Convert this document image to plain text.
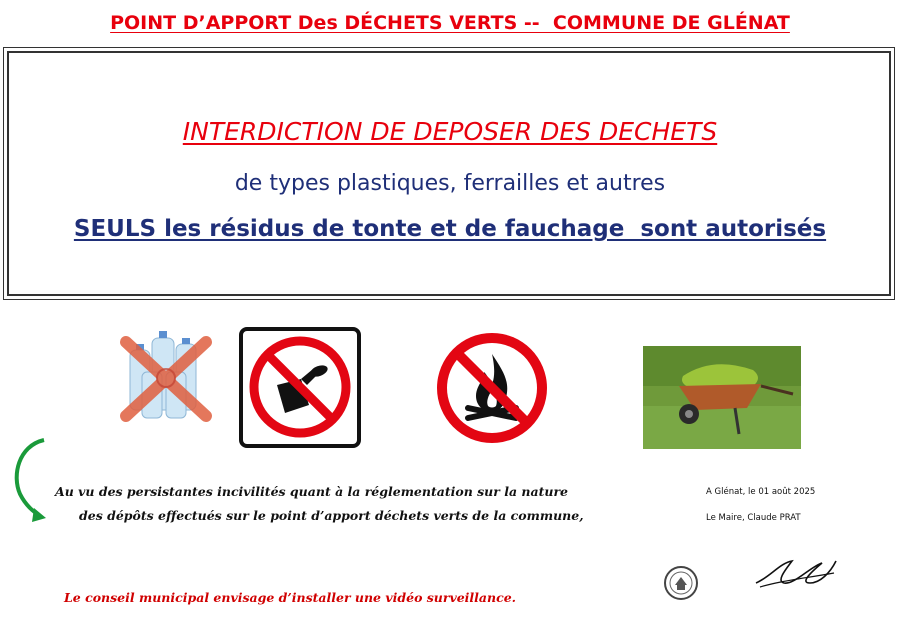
POINT D’APPORT Des DÉCHETS VERTS --  COMMUNE DE GLÉNAT
INTERDICTION DE DEPOSER DES DECHETS
de types plastiques, ferrailles et autres
SEULS les résidus de tonte et de fauchage  sont autorisés
Au vu des persistantes incivilités quant à la réglementation sur la nature
des dépôts effectués sur le point d’apport déchets verts de la commune,
A Glénat, le 01 août 2025
Le Maire, Claude PRAT
Le conseil municipal envisage d’installer une vidéo surveillance.
